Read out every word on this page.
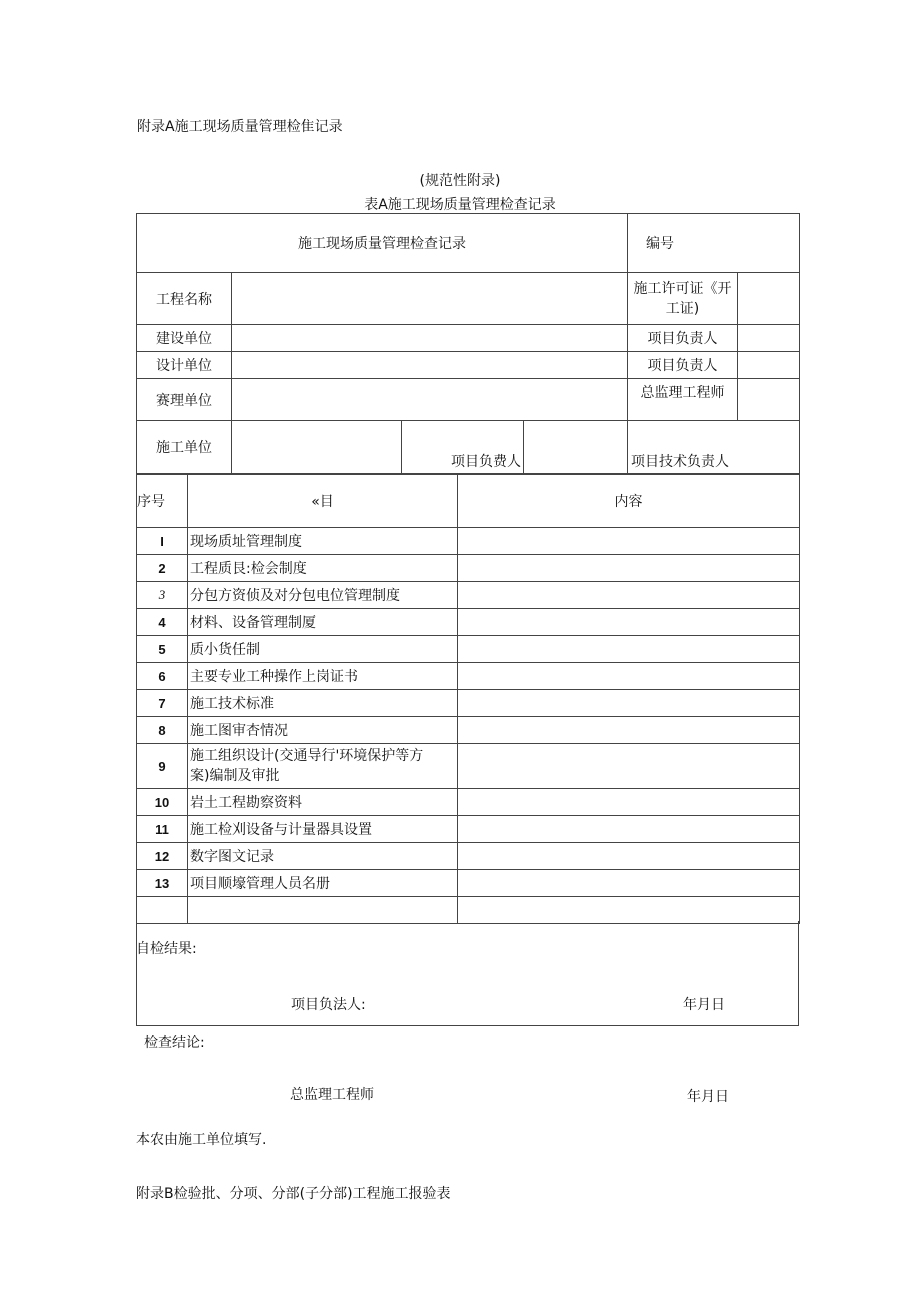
附录A施工现场质量管理检隹记录
(规范性附录)
表A施工现场质量管理检查记录
施工现场质量管理检查记录				编号	
工程名称				施工许可证《开
工证)	

建设单位				项目负责人	
设计单位				项目负责人	
赛理单位				总监理工程师	
施工单位		项目负费人		项目技术负责人	
序号	«目	内容
I	现场质址管理制度	
2	工程质艮:检会制度	
3	分包方资侦及对分包电位管理制度	
4	材料、设备管理制厦	
5	质小货任制	
6	主要专业工种操作上岗证书	
7	施工技术标准	
8	施工图审杏情况	
9	施工组织设计(交通导行'环境保护等方
案)编制及审批	

10	岩土工程勘察资料	
11	施工检刈设备与计量器具设置	
12	数字图文记录	
13	项目顺壕管理人员名册	

自检结果:
项目负法人:	年月日
检查结论:
总监理工程师	年月日
本农由施工单位填写.
附录B检验批、分项、分部(子分部)工程施工报验表
